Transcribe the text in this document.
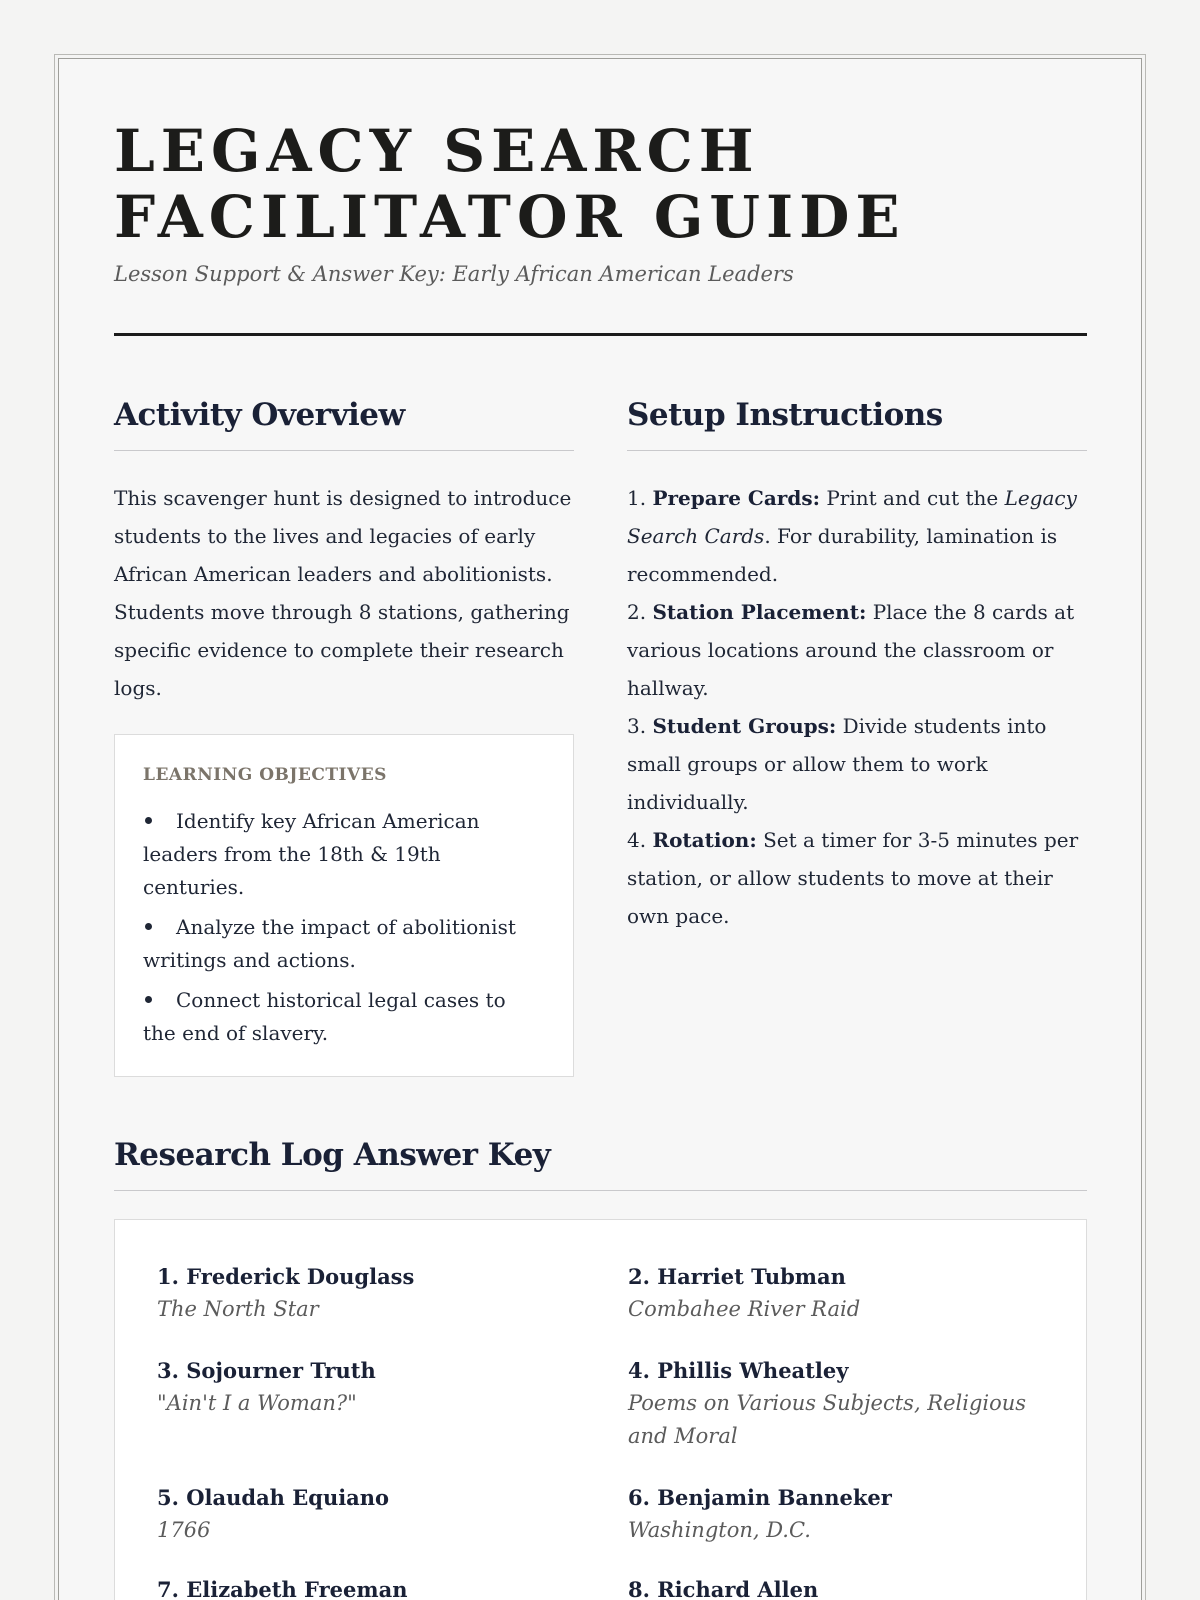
LEGACY SEARCH
FACILITATOR GUIDE
Lesson Support & Answer Key: Early African American Leaders
Activity Overview

This scavenger hunt is designed to introduce students to the lives and legacies of early African American leaders and abolitionists. Students move through 8 stations, gathering specific evidence to complete their research logs.

LEARNING OBJECTIVES
Identify key African American leaders from the 18th & 19th centuries.
Analyze the impact of abolitionist writings and actions.
Connect historical legal cases to the end of slavery.
Setup Instructions

1. Prepare Cards: Print and cut the Legacy Search Cards. For durability, lamination is recommended.

2. Station Placement: Place the 8 cards at various locations around the classroom or hallway.

3. Student Groups: Divide students into small groups or allow them to work individually.

4. Rotation: Set a timer for 3-5 minutes per station, or allow students to move at their own pace.

Research Log Answer Key
1. Frederick Douglass
The North Star
2. Harriet Tubman
Combahee River Raid
3. Sojourner Truth
"Ain't I a Woman?"
4. Phillis Wheatley
Poems on Various Subjects, Religious and Moral
5. Olaudah Equiano
1766
6. Benjamin Banneker
Washington, D.C.
7. Elizabeth Freeman	8. Richard Allen
